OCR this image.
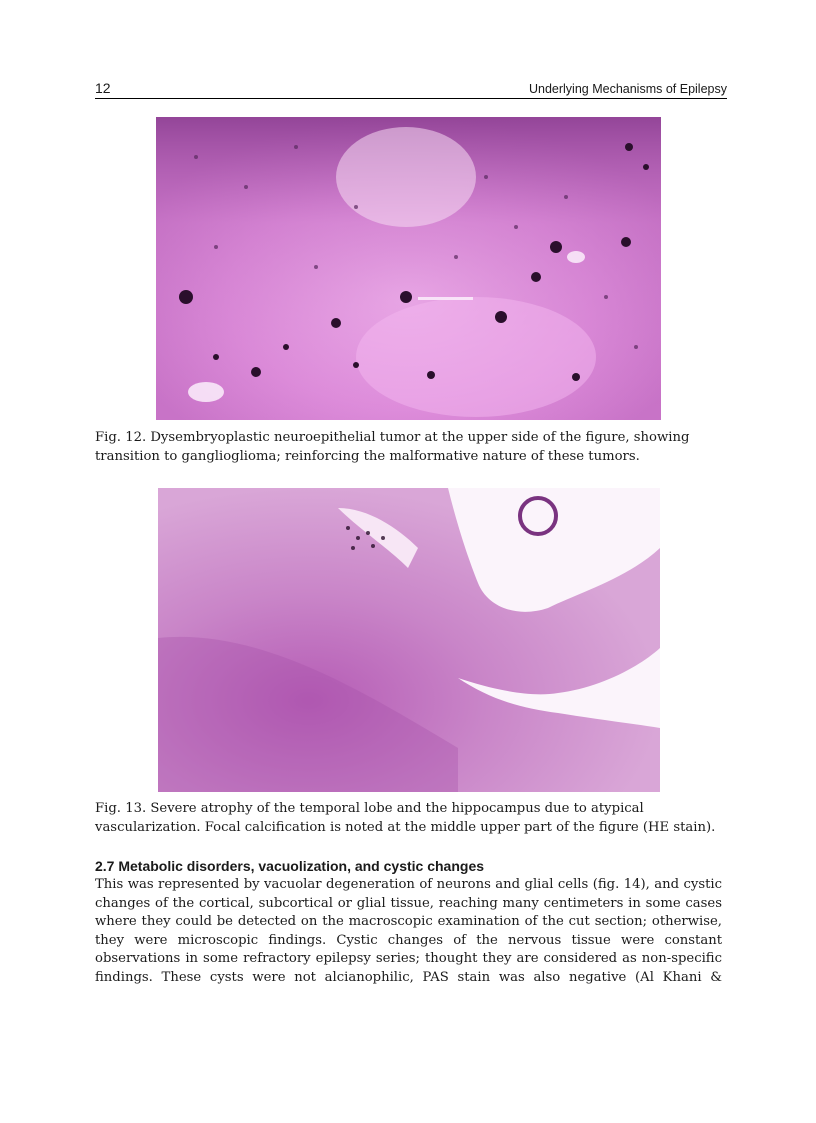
12	Underlying Mechanisms of Epilepsy
Fig. 12. Dysembryoplastic neuroepithelial tumor at the upper side of the figure, showing
transition to ganglioglioma; reinforcing the malformative nature of these tumors.
Fig. 13. Severe atrophy of the temporal lobe and the hippocampus due to atypical
vascularization. Focal calcification is noted at the middle upper part of the figure (HE stain).
2.7 Metabolic disorders, vacuolization, and cystic changes
This was represented by vacuolar degeneration of neurons and glial cells (fig. 14), and cystic
changes of the cortical, subcortical or glial tissue, reaching many centimeters in some cases
where they could be detected on the macroscopic examination of the cut section; otherwise,
they were microscopic findings. Cystic changes of the nervous tissue were constant
observations in some refractory epilepsy series; thought they are considered as non-specific
findings. These cysts were not alcianophilic, PAS stain was also negative (Al Khani &
